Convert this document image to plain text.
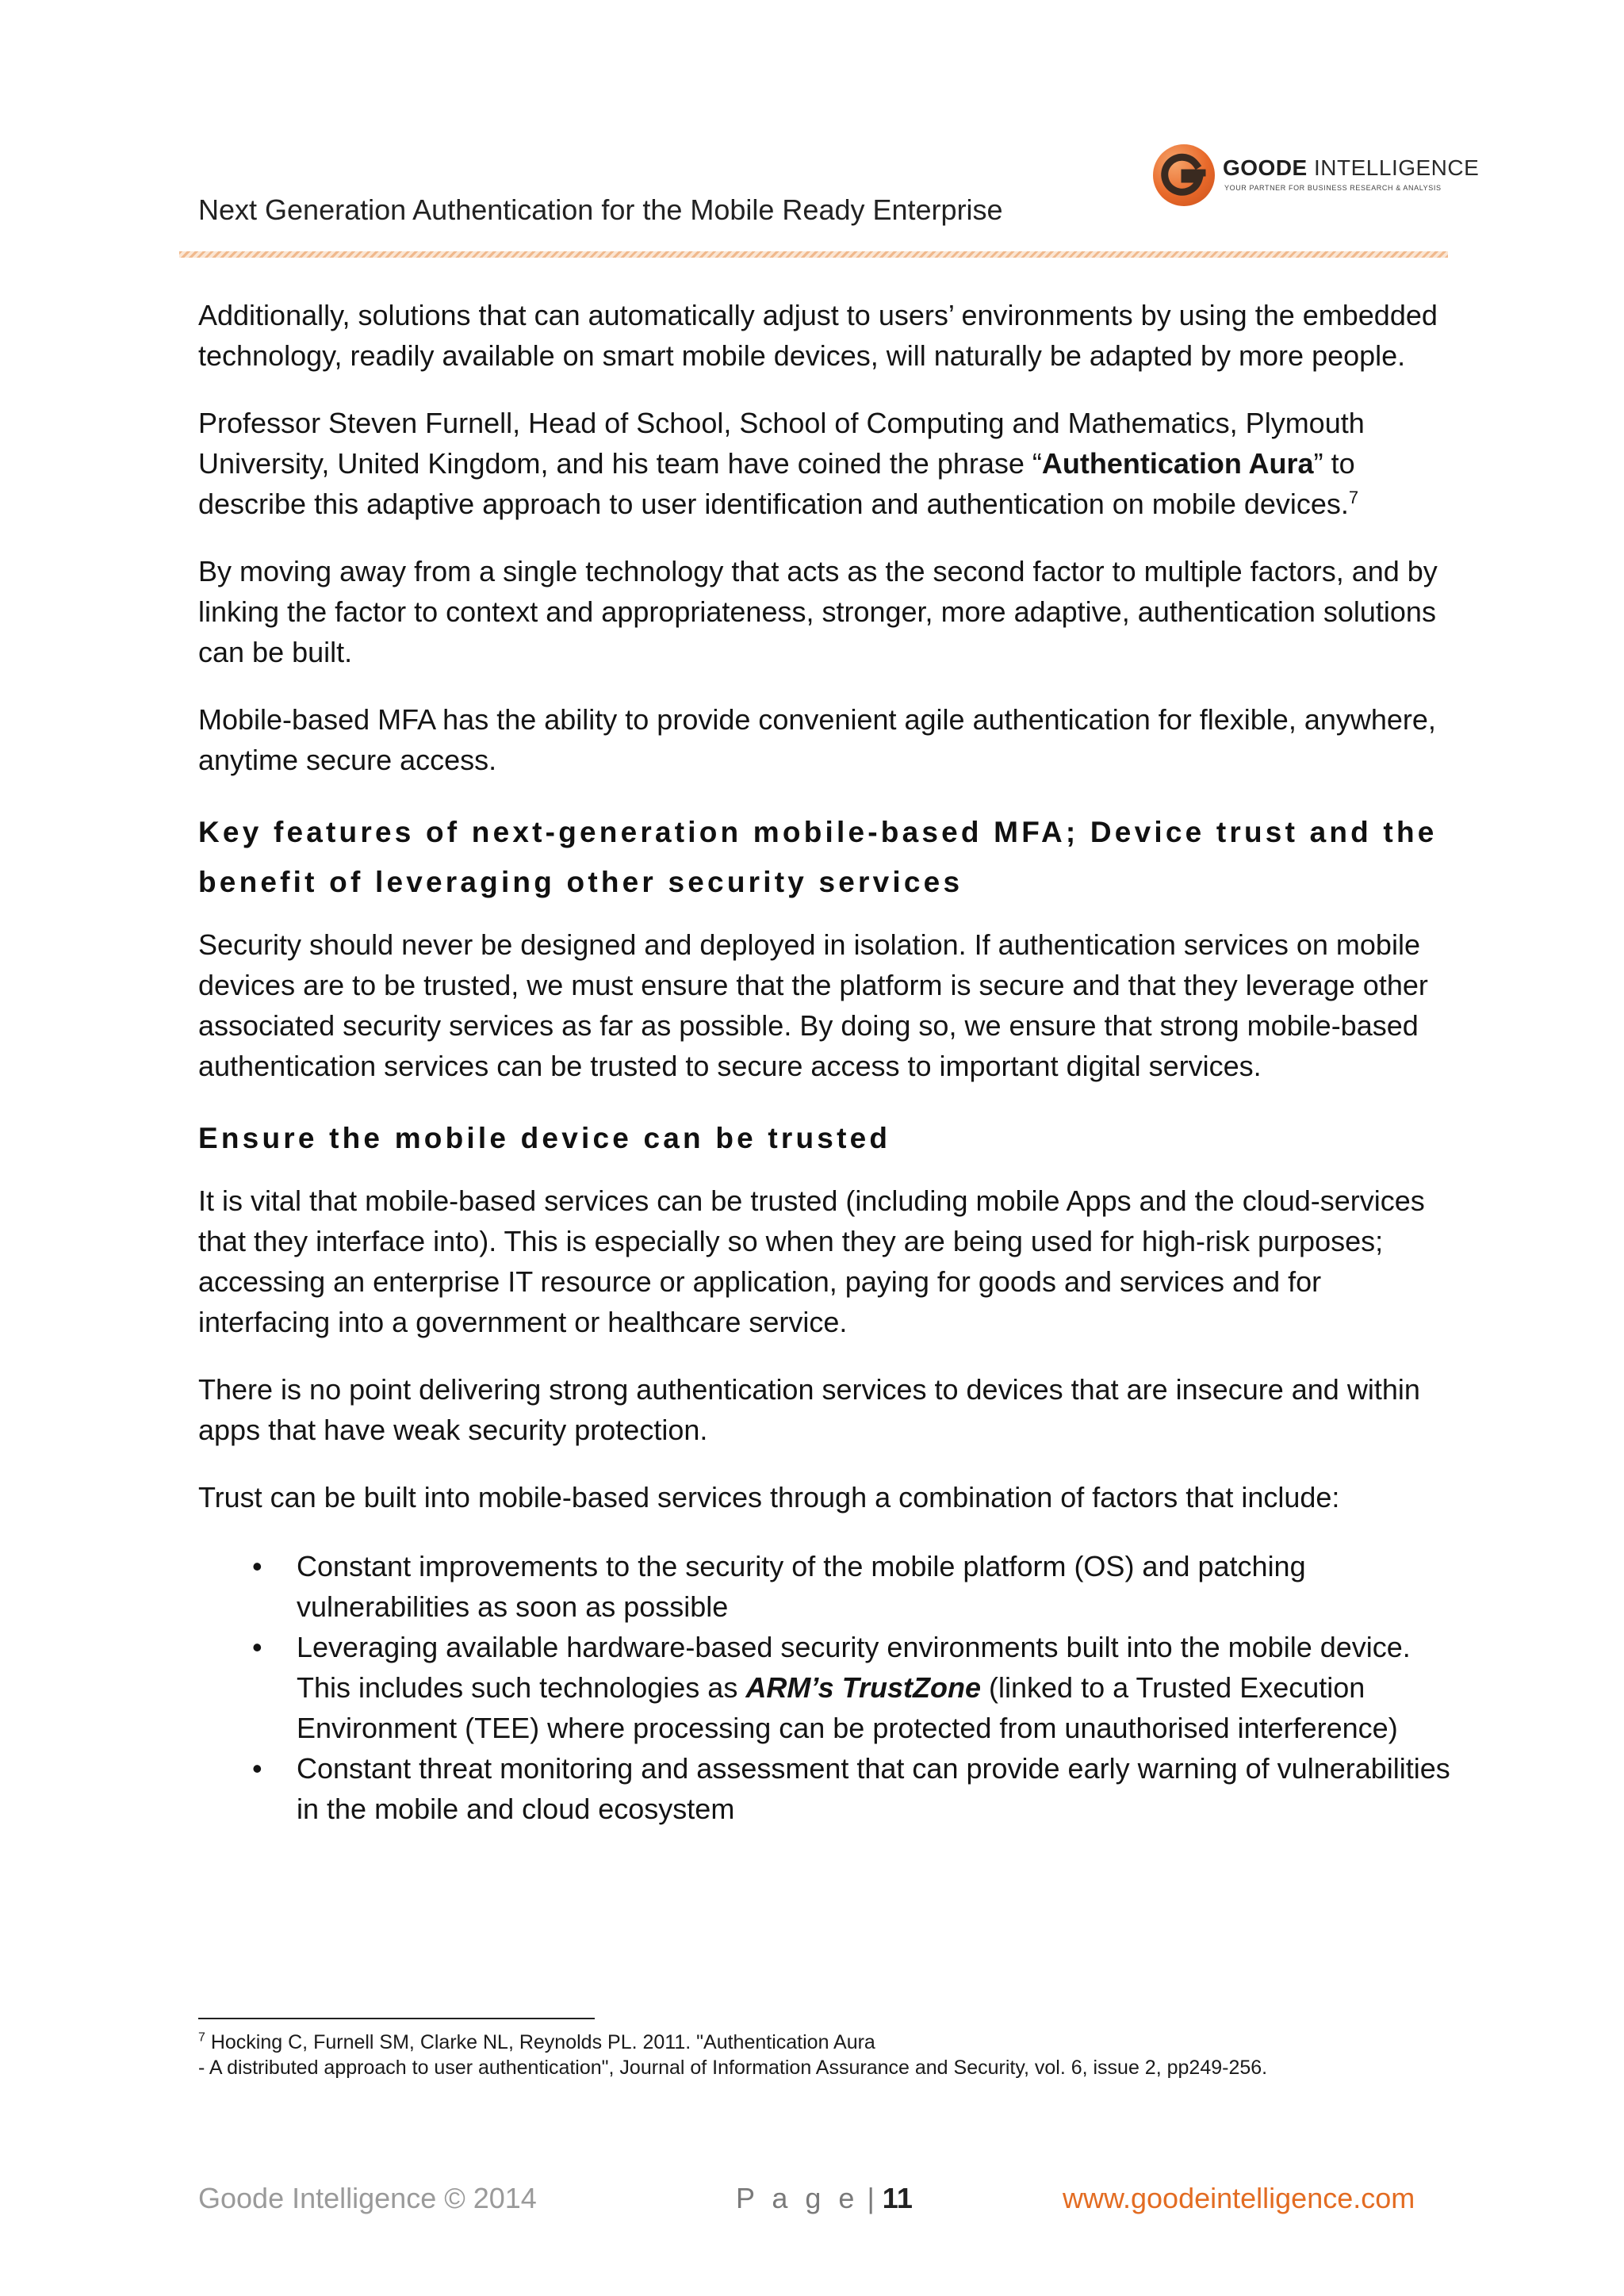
Next Generation Authentication for the Mobile Ready Enterprise
GOODE INTELLIGENCE
YOUR PARTNER FOR BUSINESS RESEARCH & ANALYSIS

Additionally, solutions that can automatically adjust to users’ environments by using the embedded technology, readily available on smart mobile devices, will naturally be adapted by more people.

Professor Steven Furnell, Head of School, School of Computing and Mathematics, Plymouth University, United Kingdom, and his team have coined the phrase “Authentication Aura” to describe this adaptive approach to user identification and authentication on mobile devices.$^7$

By moving away from a single technology that acts as the second factor to multiple factors, and by linking the factor to context and appropriateness, stronger, more adaptive, authentication solutions can be built.

Mobile-based MFA has the ability to provide convenient agile authentication for flexible, anywhere, anytime secure access.

Key features of next-generation mobile-based MFA; Device trust and the benefit of leveraging other security services

Security should never be designed and deployed in isolation. If authentication services on mobile devices are to be trusted, we must ensure that the platform is secure and that they leverage other associated security services as far as possible. By doing so, we ensure that strong mobile-based authentication services can be trusted to secure access to important digital services.

Ensure the mobile device can be trusted

It is vital that mobile-based services can be trusted (including mobile Apps and the cloud-services that they interface into). This is especially so when they are being used for high-risk purposes; accessing an enterprise IT resource or application, paying for goods and services and for interfacing into a government or healthcare service.

There is no point delivering strong authentication services to devices that are insecure and within apps that have weak security protection.

Trust can be built into mobile-based services through a combination of factors that include:

• Constant improvements to the security of the mobile platform (OS) and patching vulnerabilities as soon as possible
• Leveraging available hardware-based security environments built into the mobile device. This includes such technologies as ARM’s TrustZone (linked to a Trusted Execution Environment (TEE) where processing can be protected from unauthorised interference)
• Constant threat monitoring and assessment that can provide early warning of vulnerabilities in the mobile and cloud ecosystem
$^7$ Hocking C, Furnell SM, Clarke NL, Reynolds PL. 2011. "Authentication Aura
- A distributed approach to user authentication", Journal of Information Assurance and Security, vol. 6, issue 2, pp249-256.
Goode Intelligence © 2014	P a g e | 11	www.goodeintelligence.com
